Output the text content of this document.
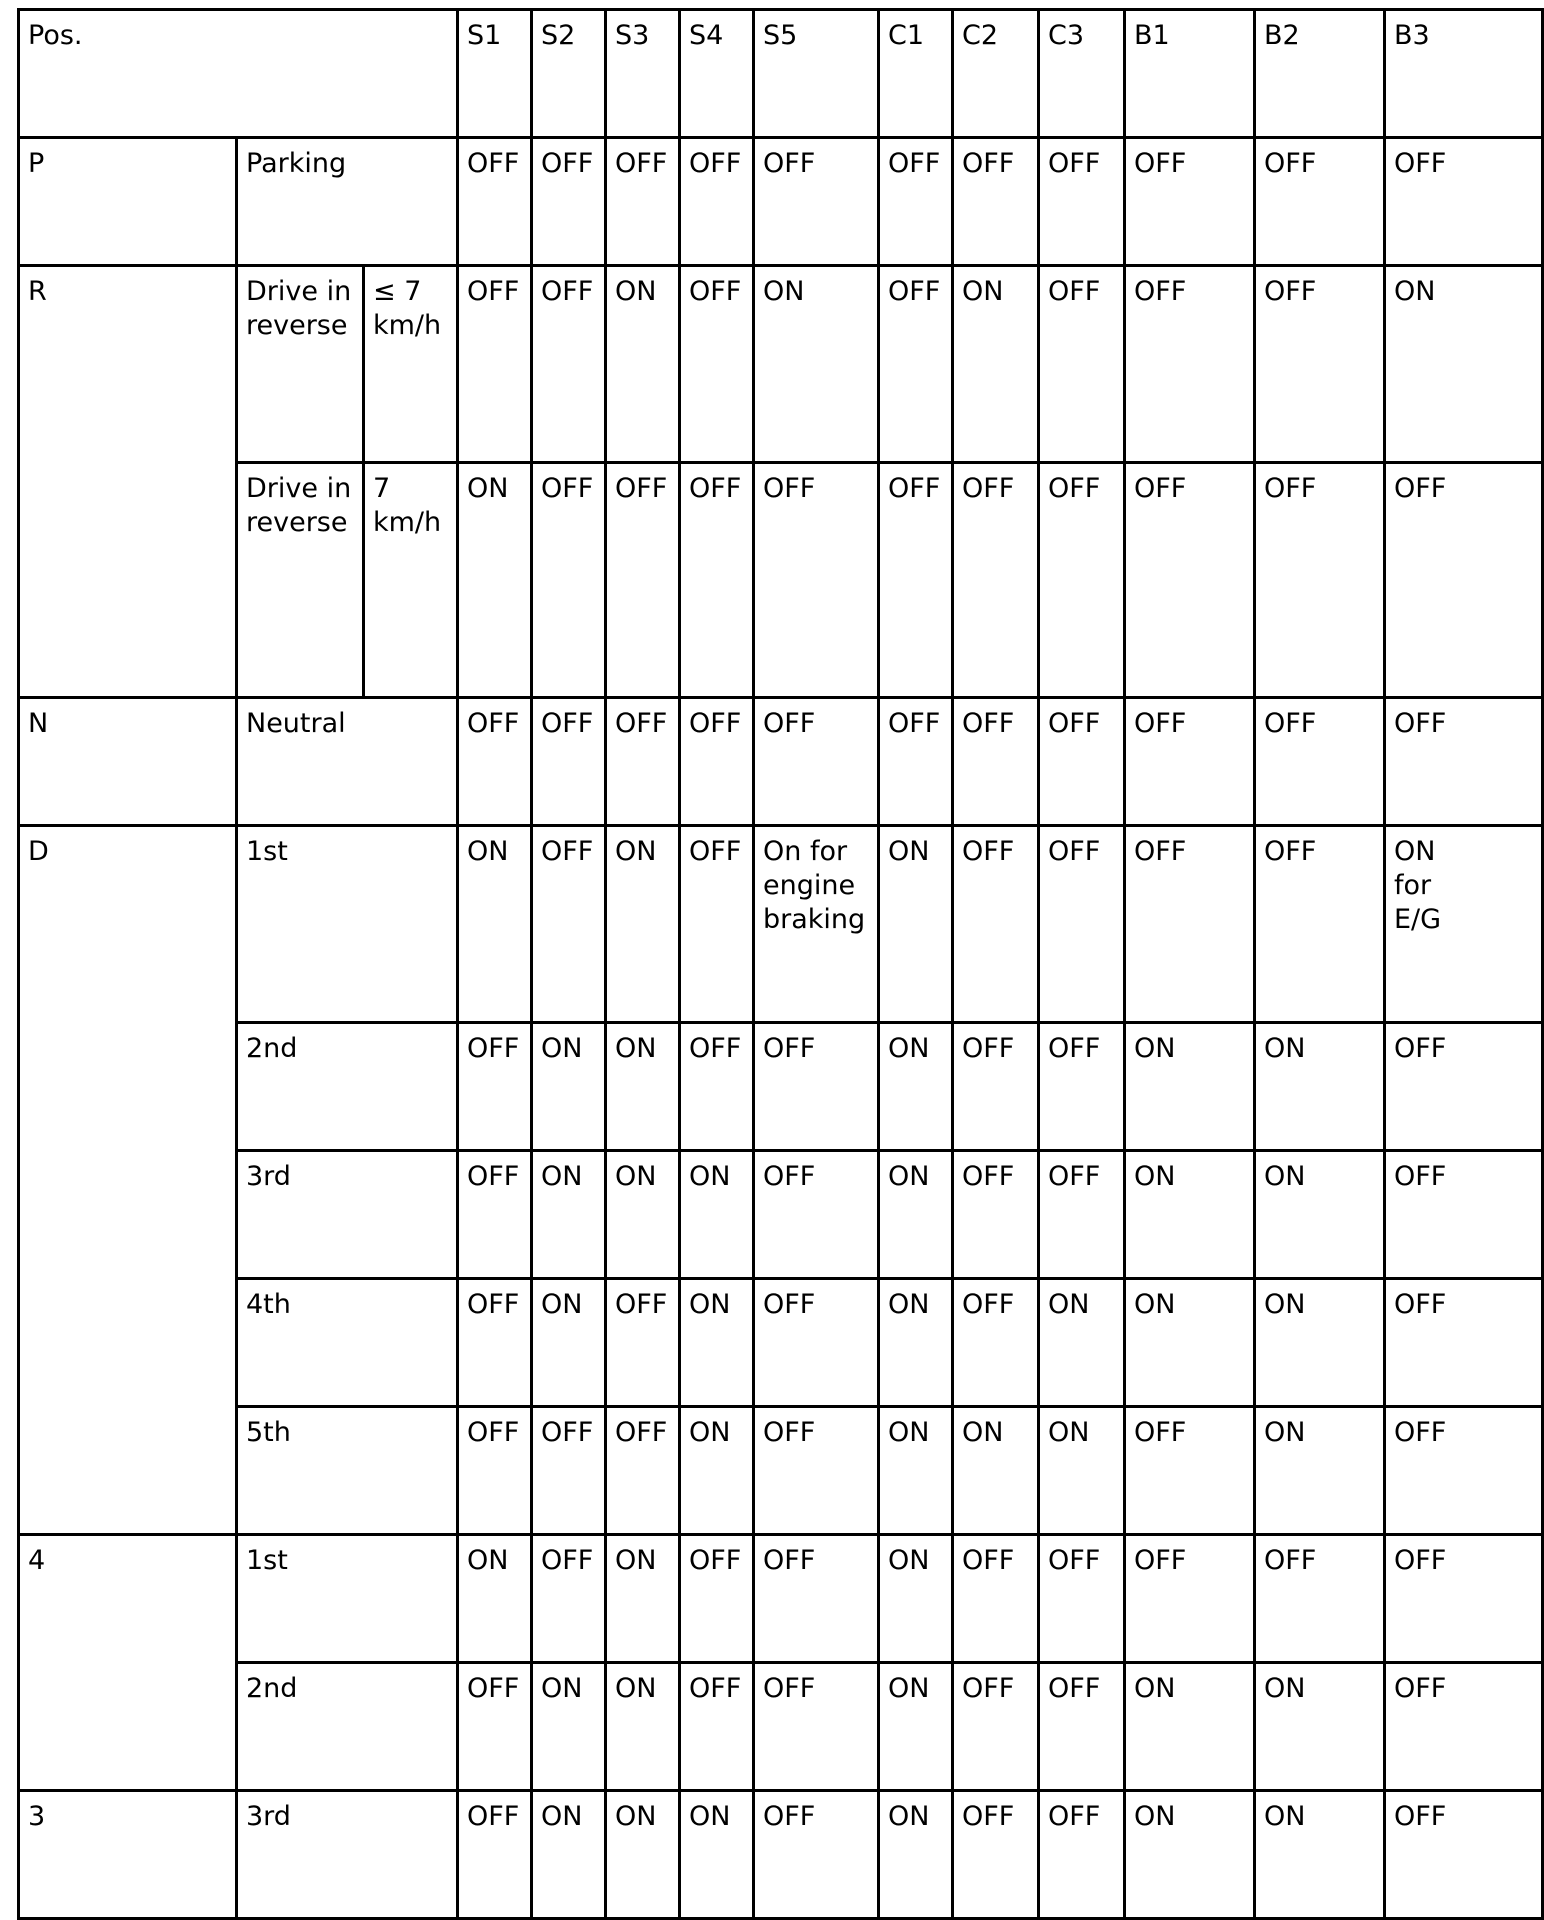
Pos.			S1	S2	S3	S4	S5	C1	C2	C3	B1	B2	B3
P	Parking		OFF	OFF	OFF	OFF	OFF	OFF	OFF	OFF	OFF	OFF	OFF
R	Drive in reverse	≤ 7 km/h	OFF	OFF	ON	OFF	ON	OFF	ON	OFF	OFF	OFF	ON
	Drive in reverse	7 km/h	ON	OFF	OFF	OFF	OFF	OFF	OFF	OFF	OFF	OFF	OFF
N	Neutral		OFF	OFF	OFF	OFF	OFF	OFF	OFF	OFF	OFF	OFF	OFF
D	1st		ON	OFF	ON	OFF	On for engine braking	ON	OFF	OFF	OFF	OFF	ON for E/G

	2nd		OFF	ON	ON	OFF	OFF	ON	OFF	OFF	ON	ON	OFF
	3rd		OFF	ON	ON	ON	OFF	ON	OFF	OFF	ON	ON	OFF
	4th		OFF	ON	OFF	ON	OFF	ON	OFF	ON	ON	ON	OFF
	5th		OFF	OFF	OFF	ON	OFF	ON	ON	ON	OFF	ON	OFF
4	1st		ON	OFF	ON	OFF	OFF	ON	OFF	OFF	OFF	OFF	OFF
	2nd		OFF	ON	ON	OFF	OFF	ON	OFF	OFF	ON	ON	OFF
3	3rd		OFF	ON	ON	ON	OFF	ON	OFF	OFF	ON	ON	OFF
